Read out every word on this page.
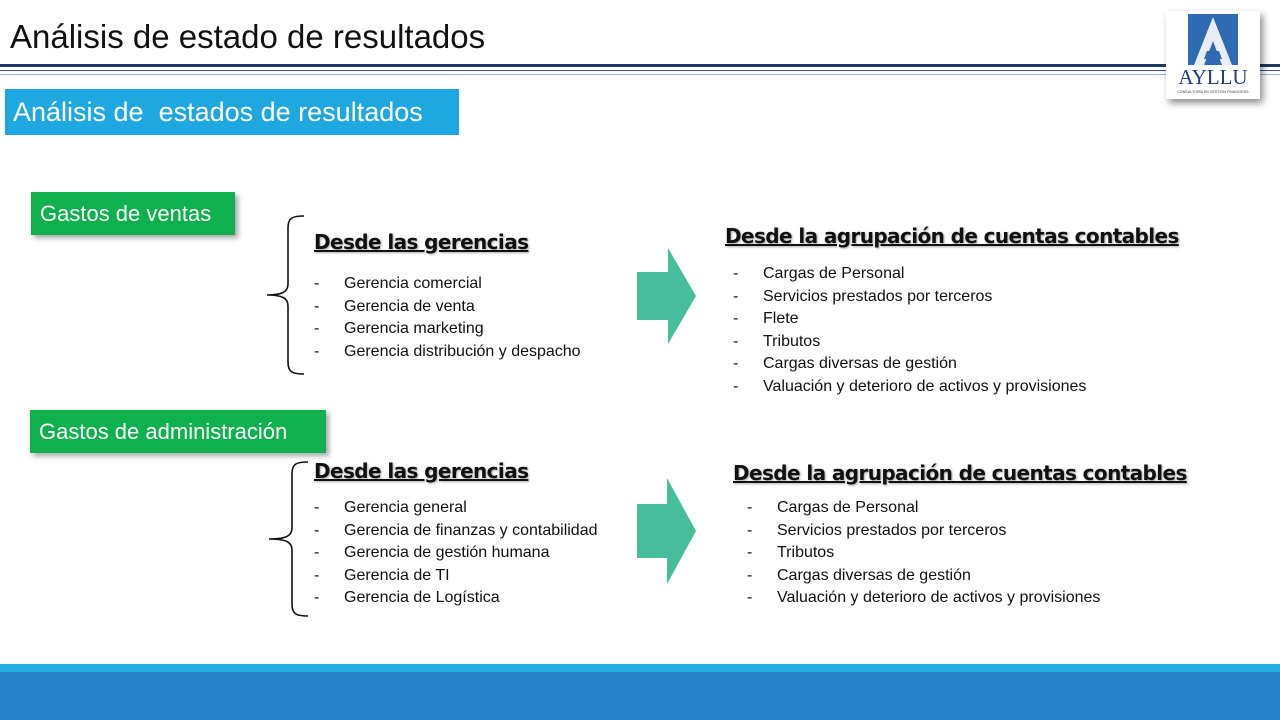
Análisis de estado de resultados
AYLLU
CONSULTORÍA EN GESTIÓN FINANCIERA
Análisis de  estados de resultados
Gastos de ventas
Desde las gerencias
- Gerencia comercial
- Gerencia de venta
- Gerencia marketing
- Gerencia distribución y despacho
Desde la agrupación de cuentas contables
- Cargas de Personal
- Servicios prestados por terceros
- Flete
- Tributos
- Cargas diversas de gestión
- Valuación y deterioro de activos y provisiones
Gastos de administración
Desde las gerencias
- Gerencia general
- Gerencia de finanzas y contabilidad
- Gerencia de gestión humana
- Gerencia de TI
- Gerencia de Logística
Desde la agrupación de cuentas contables
- Cargas de Personal
- Servicios prestados por terceros
- Tributos
- Cargas diversas de gestión
- Valuación y deterioro de activos y provisiones
